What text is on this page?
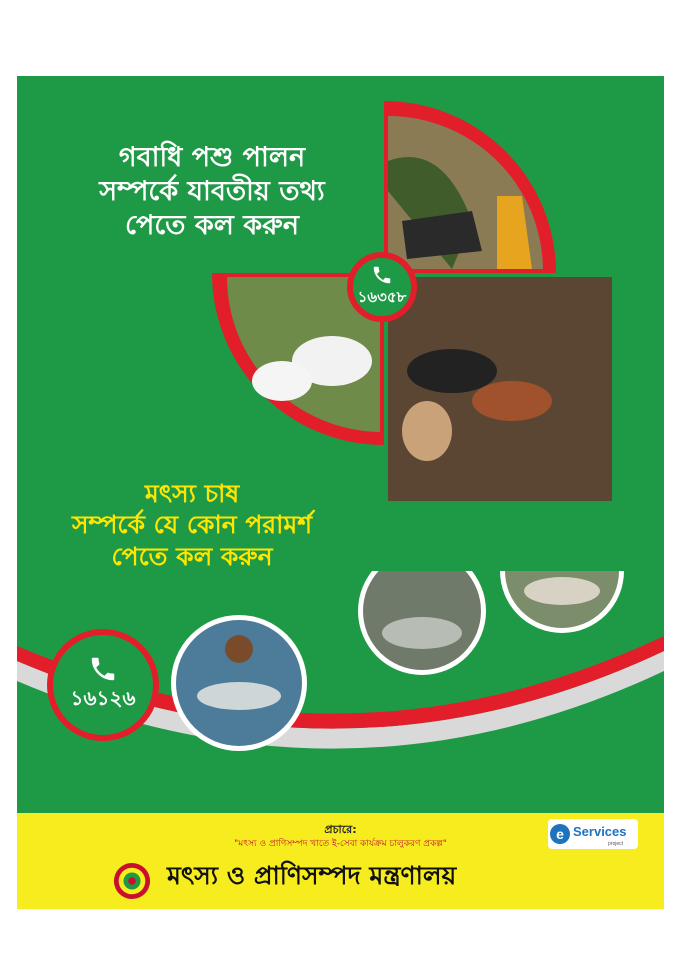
গবাধি পশু পালন
সম্পর্কে যাবতীয় তথ্য
পেতে কল করুন
১৬৩৫৮
মৎস্য চাষ
সম্পর্কে যে কোন পরামর্শ
পেতে কল করুন
১৬১২৬
প্রচারে:
"মৎস্য ও প্রাণিসম্পদ খাতে ই-সেবা কার্যক্রম চালুকরণ প্রকল্প"
e Services
project
মৎস্য ও প্রাণিসম্পদ মন্ত্রণালয়
